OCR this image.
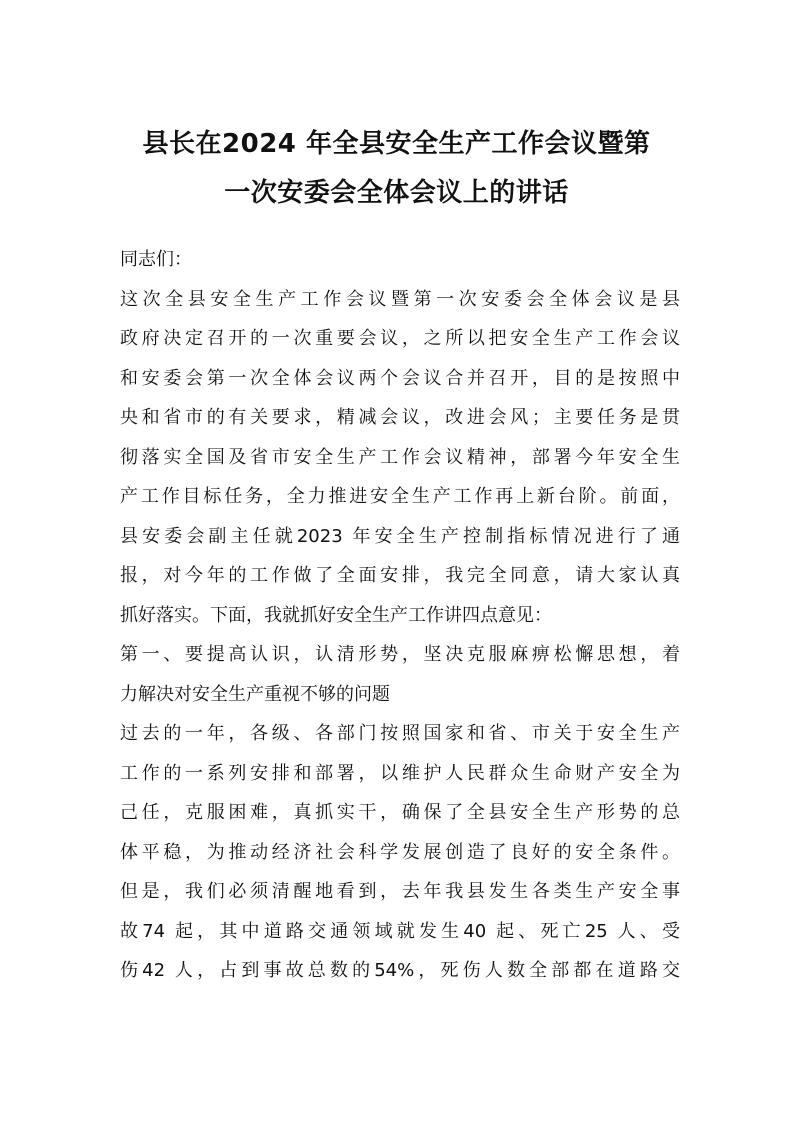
县长在2024 年全县安全生产工作会议暨第
一次安委会全体会议上的讲话
同志们：
这次全县安全生产工作会议暨第一次安委会全体会议是县
政府决定召开的一次重要会议，之所以把安全生产工作会议
和安委会第一次全体会议两个会议合并召开，目的是按照中
央和省市的有关要求，精减会议，改进会风；主要任务是贯
彻落实全国及省市安全生产工作会议精神，部署今年安全生
产工作目标任务，全力推进安全生产工作再上新台阶。前面，
县安委会副主任就2023 年安全生产控制指标情况进行了通
报，对今年的工作做了全面安排，我完全同意，请大家认真
抓好落实。下面，我就抓好安全生产工作讲四点意见：
第一、要提高认识，认清形势，坚决克服麻痹松懈思想，着
力解决对安全生产重视不够的问题
过去的一年，各级、各部门按照国家和省、市关于安全生产
工作的一系列安排和部署，以维护人民群众生命财产安全为
己任，克服困难，真抓实干，确保了全县安全生产形势的总
体平稳，为推动经济社会科学发展创造了良好的安全条件。
但是，我们必须清醒地看到，去年我县发生各类生产安全事
故74 起，其中道路交通领域就发生40 起、死亡25 人、受
伤42 人，占到事故总数的54%，死伤人数全部都在道路交
